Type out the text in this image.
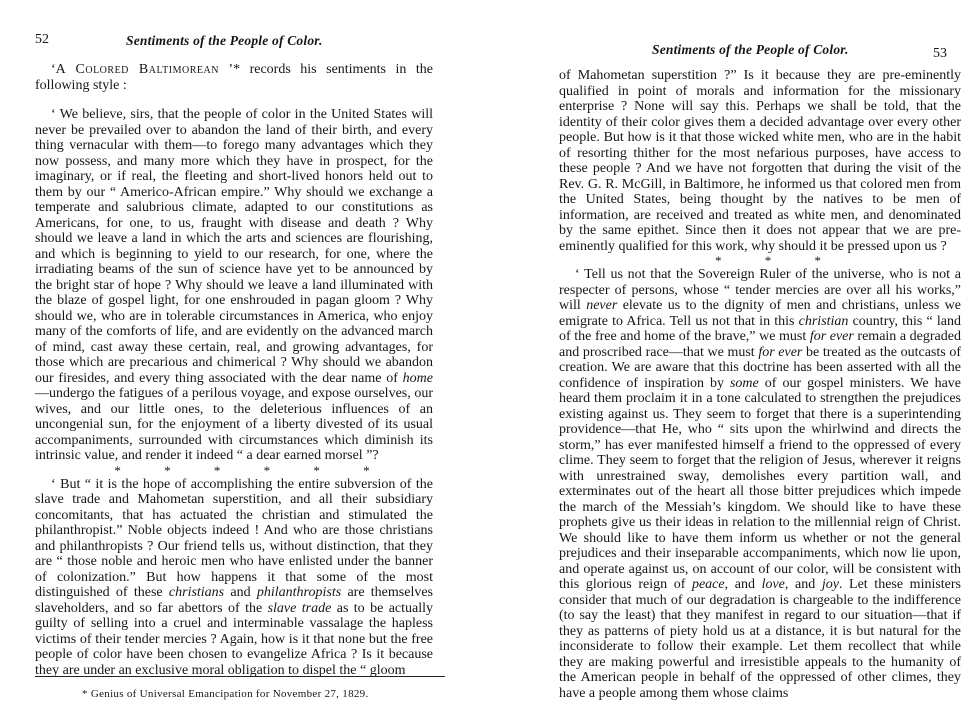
52	Sentiments of the People of Color.

‘A Colored Baltimorean ’* records his sentiments in the following style :

‘ We believe, sirs, that the people of color in the United States will never be prevailed over to abandon the land of their birth, and every thing vernacular with them—to forego many advantages which they now possess, and many more which they have in prospect, for the imaginary, or if real, the fleeting and short-lived honors held out to them by our “ Americo-African empire.” Why should we exchange a temperate and salubrious climate, adapted to our constitutions as Americans, for one, to us, fraught with disease and death ? Why should we leave a land in which the arts and sciences are flourishing, and which is beginning to yield to our research, for one, where the irradiating beams of the sun of science have yet to be announced by the bright star of hope ? Why should we leave a land illuminated with the blaze of gospel light, for one enshrouded in pagan gloom ? Why should we, who are in tolerable circumstances in America, who enjoy many of the comforts of life, and are evidently on the advanced march of mind, cast away these certain, real, and growing advantages, for those which are precarious and chimerical ? Why should we abandon our firesides, and every thing associated with the dear name of home—undergo the fatigues of a perilous voyage, and expose ourselves, our wives, and our little ones, to the deleterious influences of an uncongenial sun, for the enjoyment of a liberty divested of its usual accompaniments, surrounded with circumstances which diminish its intrinsic value, and render it indeed “ a dear earned morsel ”?

* * * * * *

‘ But “ it is the hope of accomplishing the entire subversion of the slave trade and Mahometan superstition, and all their subsidiary concomitants, that has actuated the christian and stimulated the philanthropist.” Noble objects indeed ! And who are those christians and philanthropists ? Our friend tells us, without distinction, that they are “ those noble and heroic men who have enlisted under the banner of colonization.” But how happens it that some of the most distinguished of these christians and philanthropists are themselves slaveholders, and so far abettors of the slave trade as to be actually guilty of selling into a cruel and interminable vassalage the hapless victims of their tender mercies ? Again, how is it that none but the free people of color have been chosen to evangelize Africa ? Is it because they are under an exclusive moral obligation to dispel the “ gloom

* Genius of Universal Emancipation for November 27, 1829.
Sentiments of the People of Color.	53

of Mahometan superstition ?” Is it because they are pre-eminently qualified in point of morals and information for the missionary enterprise ? None will say this. Perhaps we shall be told, that the identity of their color gives them a decided advantage over every other people. But how is it that those wicked white men, who are in the habit of resorting thither for the most nefarious purposes, have access to these people ? And we have not forgotten that during the visit of the Rev. G. R. McGill, in Baltimore, he informed us that colored men from the United States, being thought by the natives to be men of information, are received and treated as white men, and denominated by the same epithet. Since then it does not appear that we are pre-eminently qualified for this work, why should it be pressed upon us ?

* * *

‘ Tell us not that the Sovereign Ruler of the universe, who is not a respecter of persons, whose “ tender mercies are over all his works,” will never elevate us to the dignity of men and christians, unless we emigrate to Africa. Tell us not that in this christian country, this “ land of the free and home of the brave,” we must for ever remain a degraded and proscribed race—that we must for ever be treated as the outcasts of creation. We are aware that this doctrine has been asserted with all the confidence of inspiration by some of our gospel ministers. We have heard them proclaim it in a tone calculated to strengthen the prejudices existing against us. They seem to forget that there is a superintending providence—that He, who “ sits upon the whirlwind and directs the storm,” has ever manifested himself a friend to the oppressed of every clime. They seem to forget that the religion of Jesus, wherever it reigns with unrestrained sway, demolishes every partition wall, and exterminates out of the heart all those bitter prejudices which impede the march of the Messiah’s kingdom. We should like to have these prophets give us their ideas in relation to the millennial reign of Christ. We should like to have them inform us whether or not the general prejudices and their inseparable accompaniments, which now lie upon, and operate against us, on account of our color, will be consistent with this glorious reign of peace, and love, and joy. Let these ministers consider that much of our degradation is chargeable to the indifference (to say the least) that they manifest in regard to our situation—that if they as patterns of piety hold us at a distance, it is but natural for the inconsiderate to follow their example. Let them recollect that while they are making powerful and irresistible appeals to the humanity of the American people in behalf of the oppressed of other climes, they have a people among them whose claims
